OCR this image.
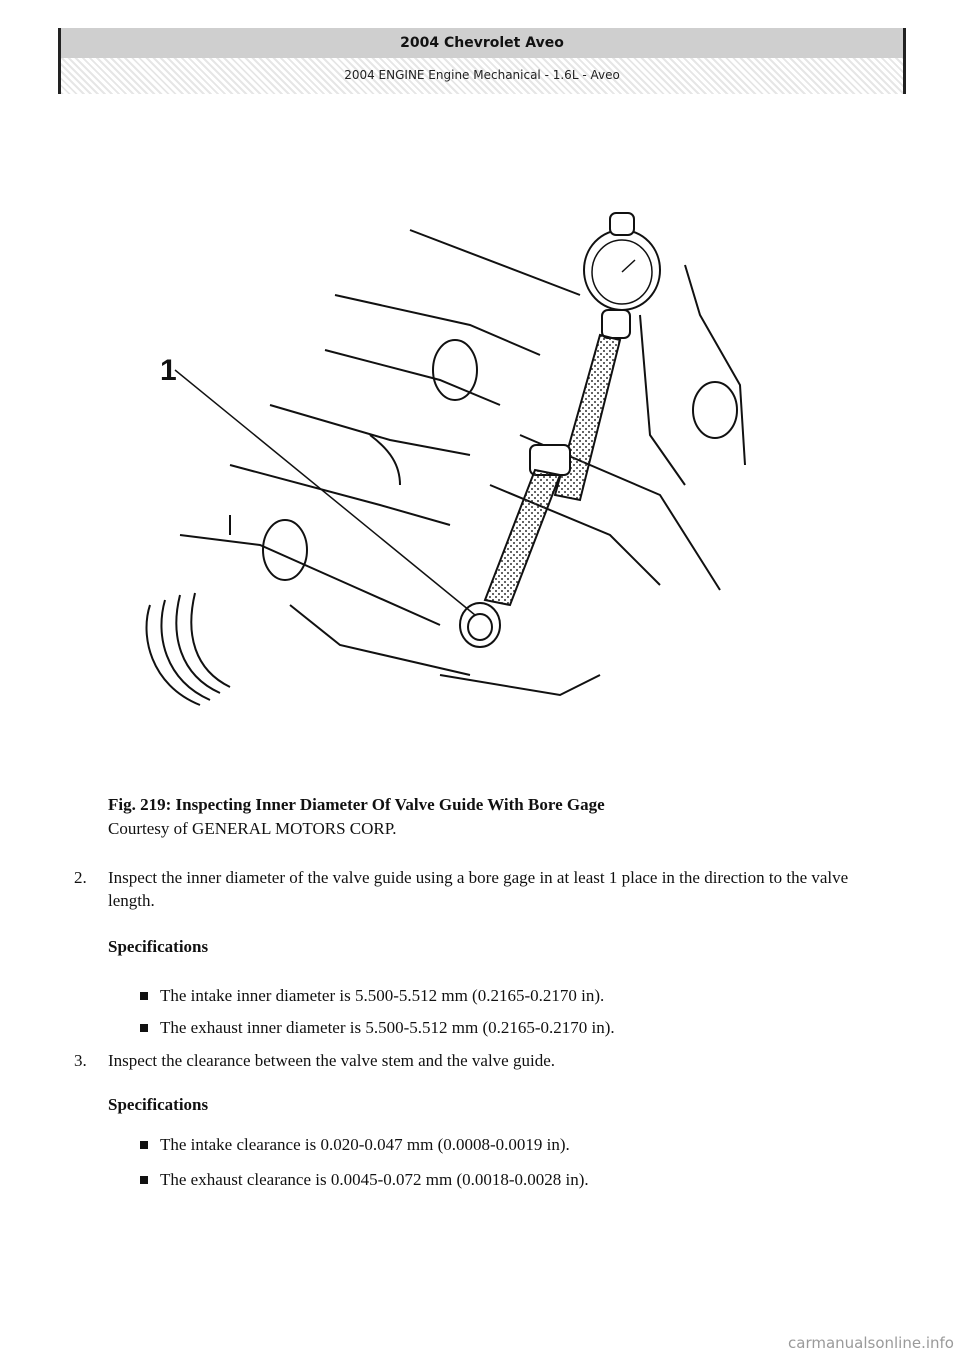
2004 Chevrolet Aveo
2004 ENGINE Engine Mechanical - 1.6L - Aveo
1
Fig. 219: Inspecting Inner Diameter Of Valve Guide With Bore Gage
Courtesy of GENERAL MOTORS CORP.
2.	Inspect the inner diameter of the valve guide using a bore gage in at least 1 place in the direction to the valve length.
Specifications
The intake inner diameter is 5.500-5.512 mm (0.2165-0.2170 in).
The exhaust inner diameter is 5.500-5.512 mm (0.2165-0.2170 in).
3.	Inspect the clearance between the valve stem and the valve guide.
Specifications
The intake clearance is 0.020-0.047 mm (0.0008-0.0019 in).
The exhaust clearance is 0.0045-0.072 mm (0.0018-0.0028 in).
carmanualsonline.info
